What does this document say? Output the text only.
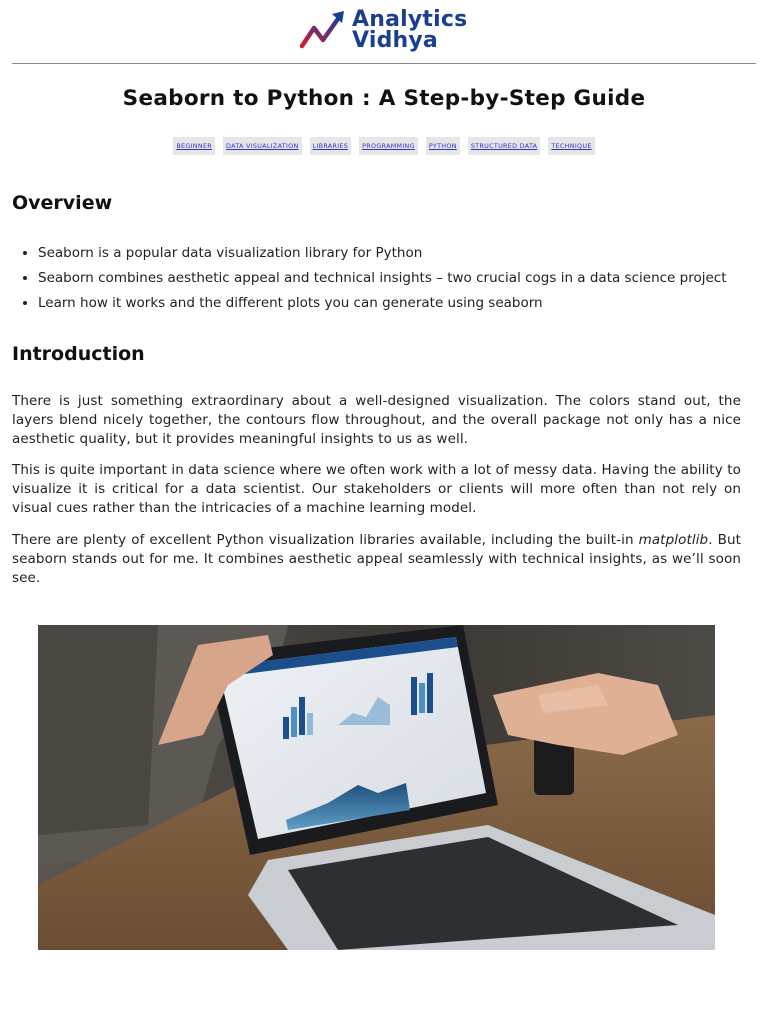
Analytics
Vidhya
Seaborn to Python : A Step-by-Step Guide
BEGINNER	DATA VISUALIZATION	LIBRARIES	PROGRAMMING	PYTHON	STRUCTURED DATA	TECHNIQUE
Overview
• Seaborn is a popular data visualization library for Python
• Seaborn combines aesthetic appeal and technical insights – two crucial cogs in a data science project
• Learn how it works and the different plots you can generate using seaborn
Introduction

There is just something extraordinary about a well-designed visualization. The colors stand out, the layers blend nicely together, the contours flow throughout, and the overall package not only has a nice aesthetic quality, but it provides meaningful insights to us as well.

This is quite important in data science where we often work with a lot of messy data. Having the ability to visualize it is critical for a data scientist. Our stakeholders or clients will more often than not rely on visual cues rather than the intricacies of a machine learning model.

There are plenty of excellent Python visualization libraries available, including the built-in matplotlib. But seaborn stands out for me. It combines aesthetic appeal seamlessly with technical insights, as we’ll soon see.
